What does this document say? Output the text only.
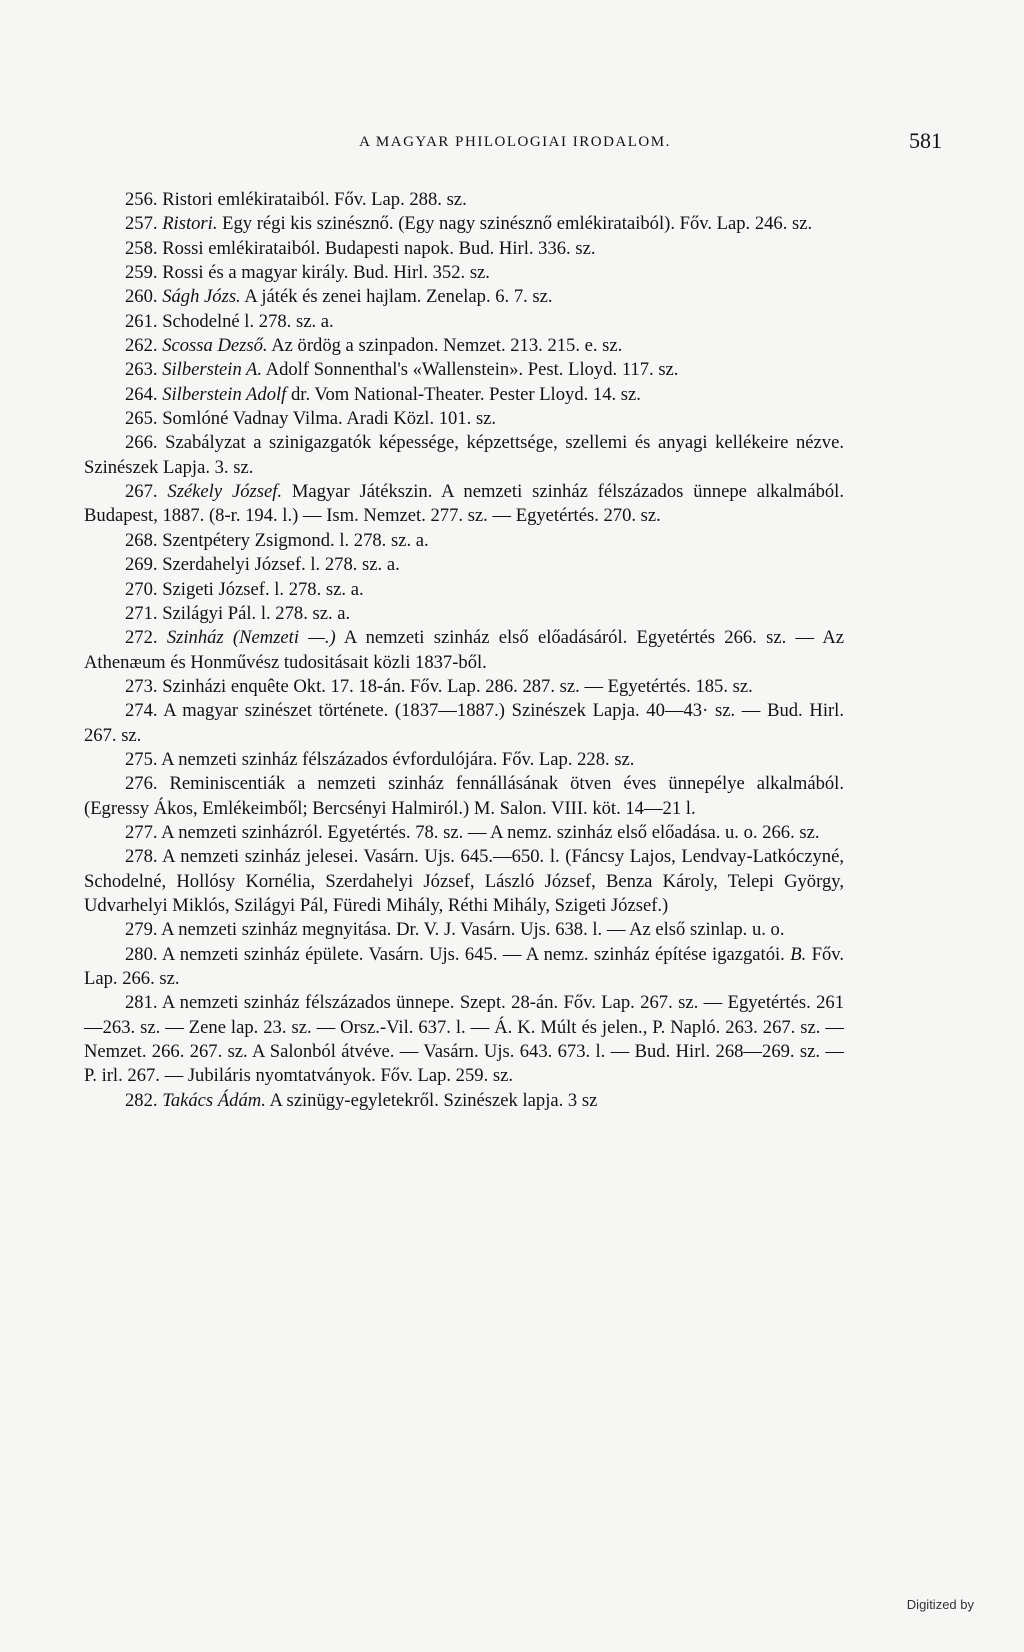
A MAGYAR PHILOLOGIAI IRODALOM.	581

256. Ristori emlékirataiból. Főv. Lap. 288. sz.

257. Ristori. Egy régi kis szinésznő. (Egy nagy szinésznő emlékirataiból). Főv. Lap. 246. sz.

258. Rossi emlékirataiból. Budapesti napok. Bud. Hirl. 336. sz.

259. Rossi és a magyar király. Bud. Hirl. 352. sz.

260. Ságh Józs. A játék és zenei hajlam. Zenelap. 6. 7. sz.

261. Schodelné l. 278. sz. a.

262. Scossa Dezső. Az ördög a szinpadon. Nemzet. 213. 215. e. sz.

263. Silberstein A. Adolf Sonnenthal's «Wallenstein». Pest. Lloyd. 117. sz.

264. Silberstein Adolf dr. Vom National-Theater. Pester Lloyd. 14. sz.

265. Somlóné Vadnay Vilma. Aradi Közl. 101. sz.

266. Szabályzat a szinigazgatók képessége, képzettsége, szellemi és anyagi kellékeire nézve. Szinészek Lapja. 3. sz.

267. Székely József. Magyar Játékszin. A nemzeti szinház félszázados ünnepe alkalmából. Budapest, 1887. (8-r. 194. l.) — Ism. Nemzet. 277. sz. — Egyetértés. 270. sz.

268. Szentpétery Zsigmond. l. 278. sz. a.

269. Szerdahelyi József. l. 278. sz. a.

270. Szigeti József. l. 278. sz. a.

271. Szilágyi Pál. l. 278. sz. a.

272. Szinház (Nemzeti —.) A nemzeti szinház első előadásáról. Egyetértés 266. sz. — Az Athenæum és Honművész tudositásait közli 1837-ből.

273. Szinházi enquête Okt. 17. 18-án. Főv. Lap. 286. 287. sz. — Egyetértés. 185. sz.

274. A magyar szinészet története. (1837—1887.) Szinészek Lapja. 40—43· sz. — Bud. Hirl. 267. sz.

275. A nemzeti szinház félszázados évfordulójára. Főv. Lap. 228. sz.

276. Reminiscentiák a nemzeti szinház fennállásának ötven éves ünnepélye alkalmából. (Egressy Ákos, Emlékeimből; Bercsényi Halmiról.) M. Salon. VIII. köt. 14—21 l.

277. A nemzeti szinházról. Egyetértés. 78. sz. — A nemz. szinház első előadása. u. o. 266. sz.

278. A nemzeti szinház jelesei. Vasárn. Ujs. 645.—650. l. (Fáncsy Lajos, Lendvay-Latkóczyné, Schodelné, Hollósy Kornélia, Szerdahelyi József, László József, Benza Károly, Telepi György, Udvarhelyi Miklós, Szilágyi Pál, Füredi Mihály, Réthi Mihály, Szigeti József.)

279. A nemzeti szinház megnyitása. Dr. V. J. Vasárn. Ujs. 638. l. — Az első szinlap. u. o.

280. A nemzeti szinház épülete. Vasárn. Ujs. 645. — A nemz. szinház építése igazgatói. B. Főv. Lap. 266. sz.

281. A nemzeti szinház félszázados ünnepe. Szept. 28-án. Főv. Lap. 267. sz. — Egyetértés. 261—263. sz. — Zene lap. 23. sz. — Orsz.-Vil. 637. l. — Á. K. Múlt és jelen., P. Napló. 263. 267. sz. — Nemzet. 266. 267. sz. A Salonból átvéve. — Vasárn. Ujs. 643. 673. l. — Bud. Hirl. 268—269. sz. — P. irl. 267. — Jubiláris nyomtatványok. Főv. Lap. 259. sz.

282. Takács Ádám. A szinügy-egyletekről. Szinészek lapja. 3 sz

Digitized by
